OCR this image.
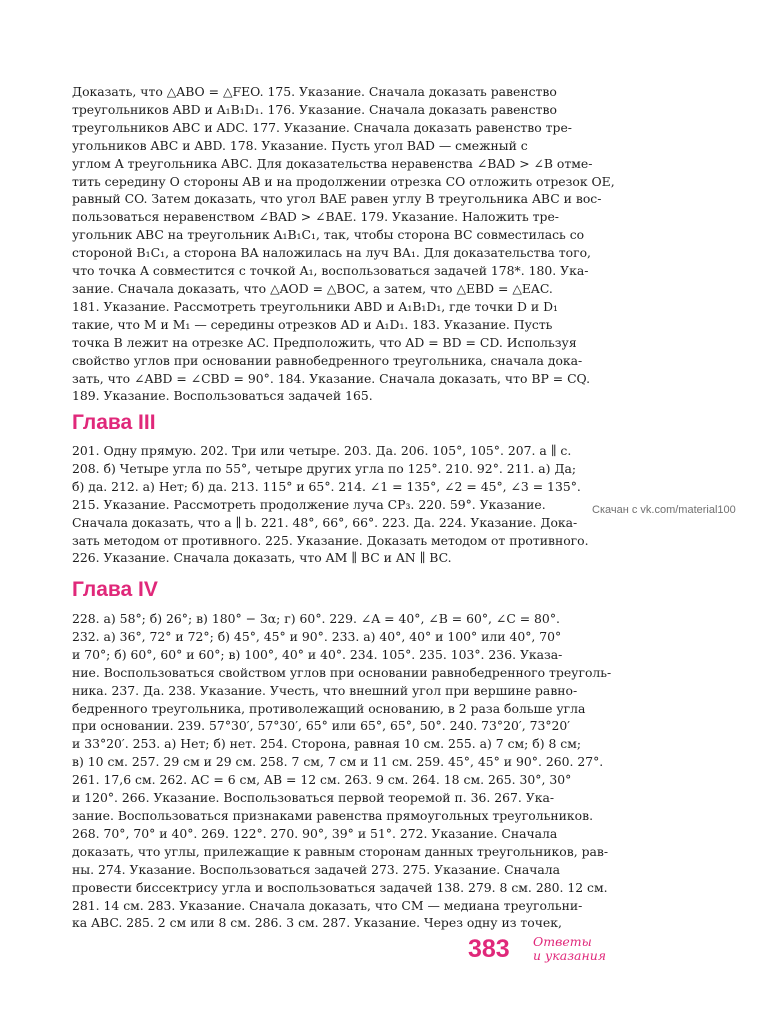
Доказать, что △ABO = △FEO. 175. Указание. Сначала доказать равенство
треугольников ABD и A₁B₁D₁. 176. Указание. Сначала доказать равенство
треугольников ABC и ADC. 177. Указание. Сначала доказать равенство тре-
угольников ABC и ABD. 178. Указание. Пусть угол BAD — смежный с
углом A треугольника ABC. Для доказательства неравенства ∠BAD > ∠B отме-
тить середину O стороны AB и на продолжении отрезка CO отложить отрезок OE,
равный CO. Затем доказать, что угол BAE равен углу B треугольника ABC и вос-
пользоваться неравенством ∠BAD > ∠BAE. 179. Указание. Наложить тре-
угольник ABC на треугольник A₁B₁C₁, так, чтобы сторона BC совместилась со
стороной B₁C₁, а сторона BA наложилась на луч BA₁. Для доказательства того,
что точка A совместится с точкой A₁, воспользоваться задачей 178*. 180. Ука-
зание. Сначала доказать, что △AOD = △BOC, а затем, что △EBD = △EAC.
181. Указание. Рассмотреть треугольники ABD и A₁B₁D₁, где точки D и D₁
такие, что M и M₁ — середины отрезков AD и A₁D₁. 183. Указание. Пусть
точка B лежит на отрезке AC. Предположить, что AD = BD = CD. Используя
свойство углов при основании равнобедренного треугольника, сначала дока-
зать, что ∠ABD = ∠CBD = 90°. 184. Указание. Сначала доказать, что BP = CQ.
189. Указание. Воспользоваться задачей 165.
Глава III
201. Одну прямую. 202. Три или четыре. 203. Да. 206. 105°, 105°. 207. a ∥ c.
208. б) Четыре угла по 55°, четыре других угла по 125°. 210. 92°. 211. а) Да;
б) да. 212. а) Нет; б) да. 213. 115° и 65°. 214. ∠1 = 135°, ∠2 = 45°, ∠3 = 135°.
215. Указание. Рассмотреть продолжение луча CP₃. 220. 59°. Указание.
Сначала доказать, что a ∥ b. 221. 48°, 66°, 66°. 223. Да. 224. Указание. Дока-
зать методом от противного. 225. Указание. Доказать методом от противного.
226. Указание. Сначала доказать, что AM ∥ BC и AN ∥ BC.
Скачан с vk.com/material100
Глава IV
228. а) 58°; б) 26°; в) 180° − 3α; г) 60°. 229. ∠A = 40°, ∠B = 60°, ∠C = 80°.
232. а) 36°, 72° и 72°; б) 45°, 45° и 90°. 233. а) 40°, 40° и 100° или 40°, 70°
и 70°; б) 60°, 60° и 60°; в) 100°, 40° и 40°. 234. 105°. 235. 103°. 236. Указа-
ние. Воспользоваться свойством углов при основании равнобедренного треуголь-
ника. 237. Да. 238. Указание. Учесть, что внешний угол при вершине равно-
бедренного треугольника, противолежащий основанию, в 2 раза больше угла
при основании. 239. 57°30′, 57°30′, 65° или 65°, 65°, 50°. 240. 73°20′, 73°20′
и 33°20′. 253. а) Нет; б) нет. 254. Сторона, равная 10 см. 255. а) 7 см; б) 8 см;
в) 10 см. 257. 29 см и 29 см. 258. 7 см, 7 см и 11 см. 259. 45°, 45° и 90°. 260. 27°.
261. 17,6 см. 262. AC = 6 см, AB = 12 см. 263. 9 см. 264. 18 см. 265. 30°, 30°
и 120°. 266. Указание. Воспользоваться первой теоремой п. 36. 267. Ука-
зание. Воспользоваться признаками равенства прямоугольных треугольников.
268. 70°, 70° и 40°. 269. 122°. 270. 90°, 39° и 51°. 272. Указание. Сначала
доказать, что углы, прилежащие к равным сторонам данных треугольников, рав-
ны. 274. Указание. Воспользоваться задачей 273. 275. Указание. Сначала
провести биссектрису угла и воспользоваться задачей 138. 279. 8 см. 280. 12 см.
281. 14 см. 283. Указание. Сначала доказать, что CM — медиана треугольни-
ка ABC. 285. 2 см или 8 см. 286. 3 см. 287. Указание. Через одну из точек,
383 Ответы
и указания
